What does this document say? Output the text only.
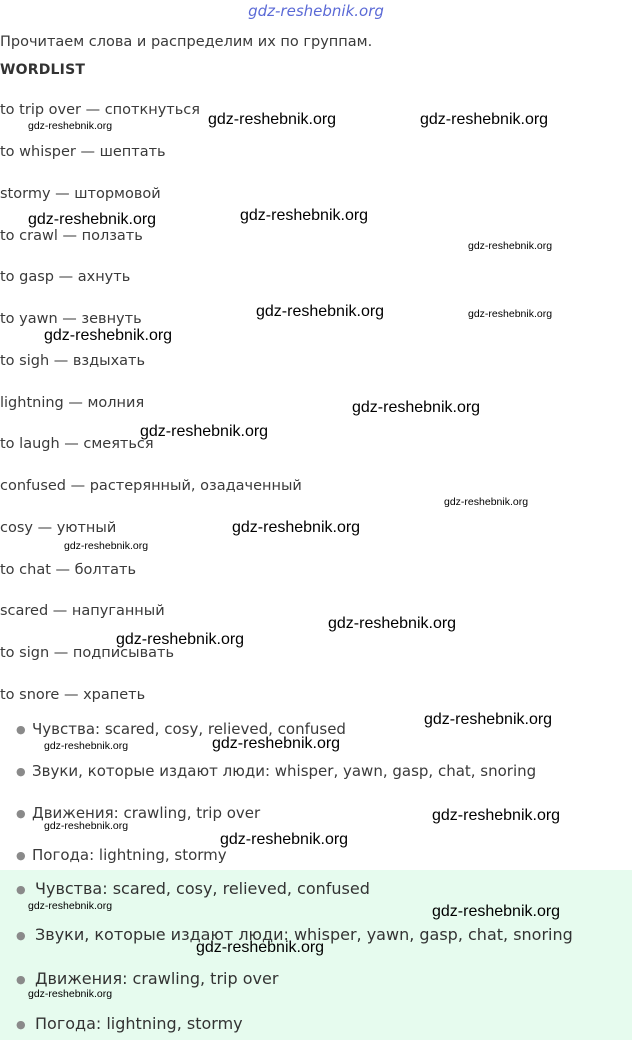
gdz-reshebnik.org
Прочитаем слова и распределим их по группам.
WORDLIST
to trip over — споткнуться
to whisper — шептать
stormy — штормовой
to crawl — ползать
to gasp — ахнуть
to yawn — зевнуть
to sigh — вздыхать
lightning — молния
to laugh — смеяться
confused — растерянный, озадаченный
cosy — уютный
to chat — болтать
scared — напуганный
to sign — подписывать
to snore — храпеть
● Чувства: scared, cosy, relieved, confused
● Звуки, которые издают люди: whisper, yawn, gasp, chat, snoring
● Движения: crawling, trip over
● Погода: lightning, stormy
● Чувства: scared, cosy, relieved, confused
● Звуки, которые издают люди: whisper, yawn, gasp, chat, snoring
● Движения: crawling, trip over
● Погода: lightning, stormy
gdz-reshebnik.org	gdz-reshebnik.org	gdz-reshebnik.org
gdz-reshebnik.org	gdz-reshebnik.org
gdz-reshebnik.org
gdz-reshebnik.org	gdz-reshebnik.org
gdz-reshebnik.org
gdz-reshebnik.org
gdz-reshebnik.org
gdz-reshebnik.org
gdz-reshebnik.org
gdz-reshebnik.org
gdz-reshebnik.org
gdz-reshebnik.org
gdz-reshebnik.org
gdz-reshebnik.org	gdz-reshebnik.org
gdz-reshebnik.org
gdz-reshebnik.org
gdz-reshebnik.org
gdz-reshebnik.org	gdz-reshebnik.org
gdz-reshebnik.org
gdz-reshebnik.org
